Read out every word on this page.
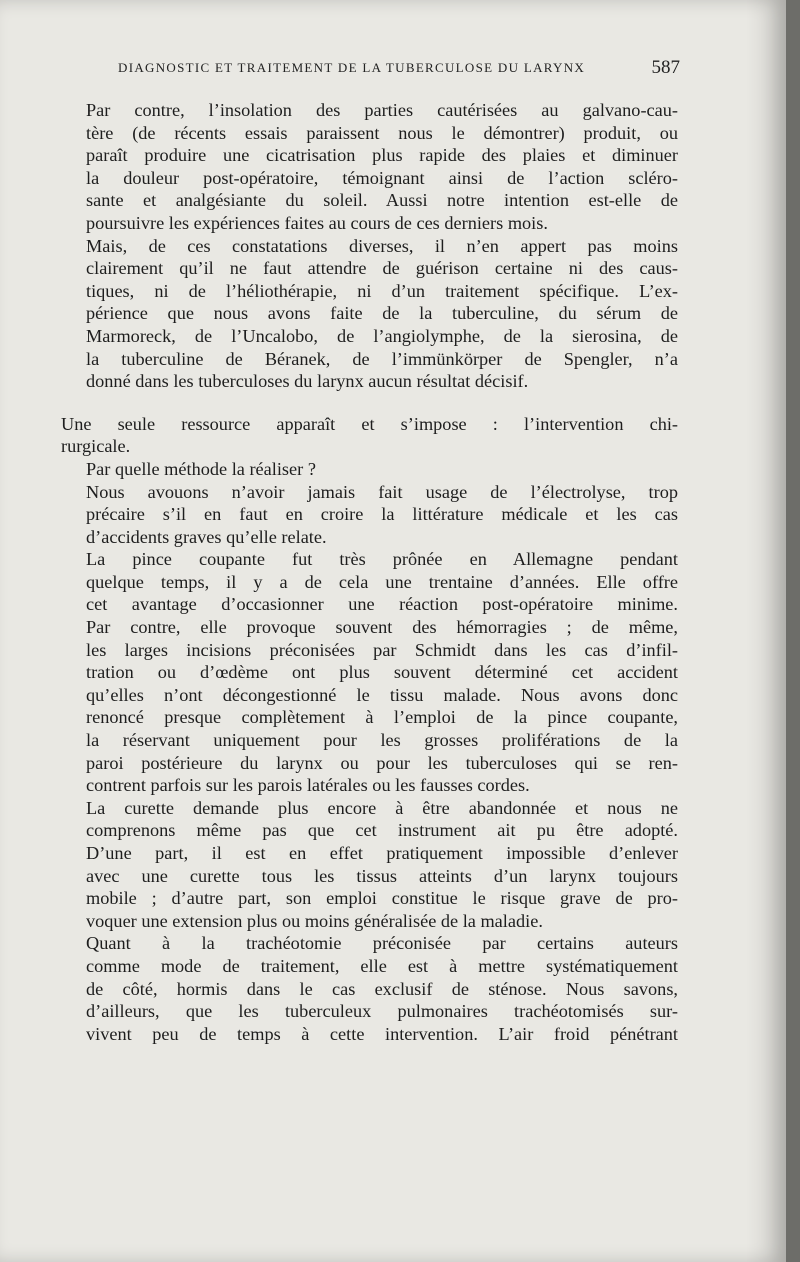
DIAGNOSTIC ET TRAITEMENT DE LA TUBERCULOSE DU LARYNX	587

Par contre, l’insolation des parties cautérisées au galvano-cau-
tère (de récents essais paraissent nous le démontrer) produit, ou
paraît produire une cicatrisation plus rapide des plaies et diminuer
la douleur post-opératoire, témoignant ainsi de l’action scléro-
sante et analgésiante du soleil. Aussi notre intention est-elle de
poursuivre les expériences faites au cours de ces derniers mois.

Mais, de ces constatations diverses, il n’en appert pas moins
clairement qu’il ne faut attendre de guérison certaine ni des caus-
tiques, ni de l’héliothérapie, ni d’un traitement spécifique. L’ex-
périence que nous avons faite de la tuberculine, du sérum de
Marmoreck, de l’Uncalobo, de l’angiolymphe, de la sierosina, de
la tuberculine de Béranek, de l’immünkörper de Spengler, n’a
donné dans les tuberculoses du larynx aucun résultat décisif.

Une seule ressource apparaît et s’impose : l’intervention chi-
rurgicale.

Par quelle méthode la réaliser ?

Nous avouons n’avoir jamais fait usage de l’électrolyse, trop
précaire s’il en faut en croire la littérature médicale et les cas
d’accidents graves qu’elle relate.

La pince coupante fut très prônée en Allemagne pendant
quelque temps, il y a de cela une trentaine d’années. Elle offre
cet avantage d’occasionner une réaction post-opératoire minime.
Par contre, elle provoque souvent des hémorragies ; de même,
les larges incisions préconisées par Schmidt dans les cas d’infil-
tration ou d’œdème ont plus souvent déterminé cet accident
qu’elles n’ont décongestionné le tissu malade. Nous avons donc
renoncé presque complètement à l’emploi de la pince coupante,
la réservant uniquement pour les grosses proliférations de la
paroi postérieure du larynx ou pour les tuberculoses qui se ren-
contrent parfois sur les parois latérales ou les fausses cordes.

La curette demande plus encore à être abandonnée et nous ne
comprenons même pas que cet instrument ait pu être adopté.
D’une part, il est en effet pratiquement impossible d’enlever
avec une curette tous les tissus atteints d’un larynx toujours
mobile ; d’autre part, son emploi constitue le risque grave de pro-
voquer une extension plus ou moins généralisée de la maladie.

Quant à la trachéotomie préconisée par certains auteurs
comme mode de traitement, elle est à mettre systématiquement
de côté, hormis dans le cas exclusif de sténose. Nous savons,
d’ailleurs, que les tuberculeux pulmonaires trachéotomisés sur-
vivent peu de temps à cette intervention. L’air froid pénétrant
